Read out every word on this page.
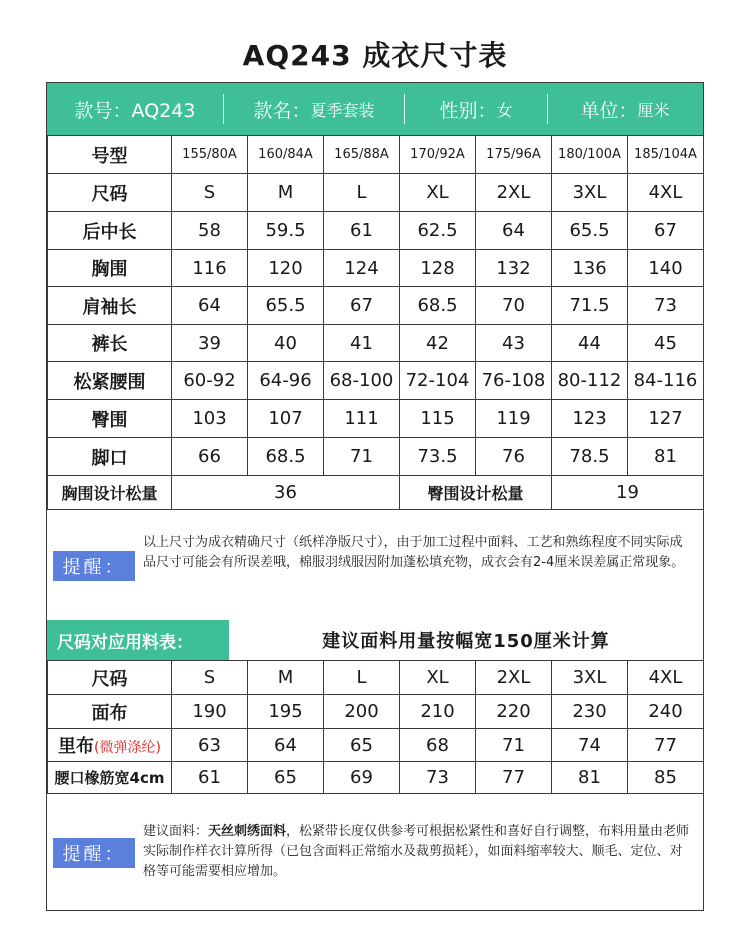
AQ243 成衣尺寸表
款号：AQ243	款名： 夏季套装	性别： 女	单位： 厘米
号型	155/80A	160/84A	165/88A	170/92A	175/96A	180/100A	185/104A
尺码	S	M	L	XL	2XL	3XL	4XL
后中长	58	59.5	61	62.5	64	65.5	67
胸围	116	120	124	128	132	136	140
肩袖长	64	65.5	67	68.5	70	71.5	73
裤长	39	40	41	42	43	44	45
松紧腰围	60-92	64-96	68-100	72-104	76-108	80-112	84-116
臀围	103	107	111	115	119	123	127
脚口	66	68.5	71	73.5	76	78.5	81
胸围设计松量	36			臀围设计松量		19	
提醒：
以上尺寸为成衣精确尺寸（纸样净版尺寸），由于加工过程中面料、工艺和熟练程度不同实际成品尺寸可能会有所误差哦，棉服羽绒服因附加蓬松填充物，成衣会有2-4厘米误差属正常现象。
尺码对应用料表：	建议面料用量按幅宽150厘米计算
尺码	S	M	L	XL	2XL	3XL	4XL
面布	190	195	200	210	220	230	240
里布(微弹涤纶)	63	64	65	68	71	74	77
腰口橡筋宽4cm	61	65	69	73	77	81	85
提醒：
建议面料：天丝刺绣面料，松紧带长度仅供参考可根据松紧性和喜好自行调整，布料用量由老师实际制作样衣计算所得（已包含面料正常缩水及裁剪损耗），如面料缩率较大、顺毛、定位、对格等可能需要相应增加。
